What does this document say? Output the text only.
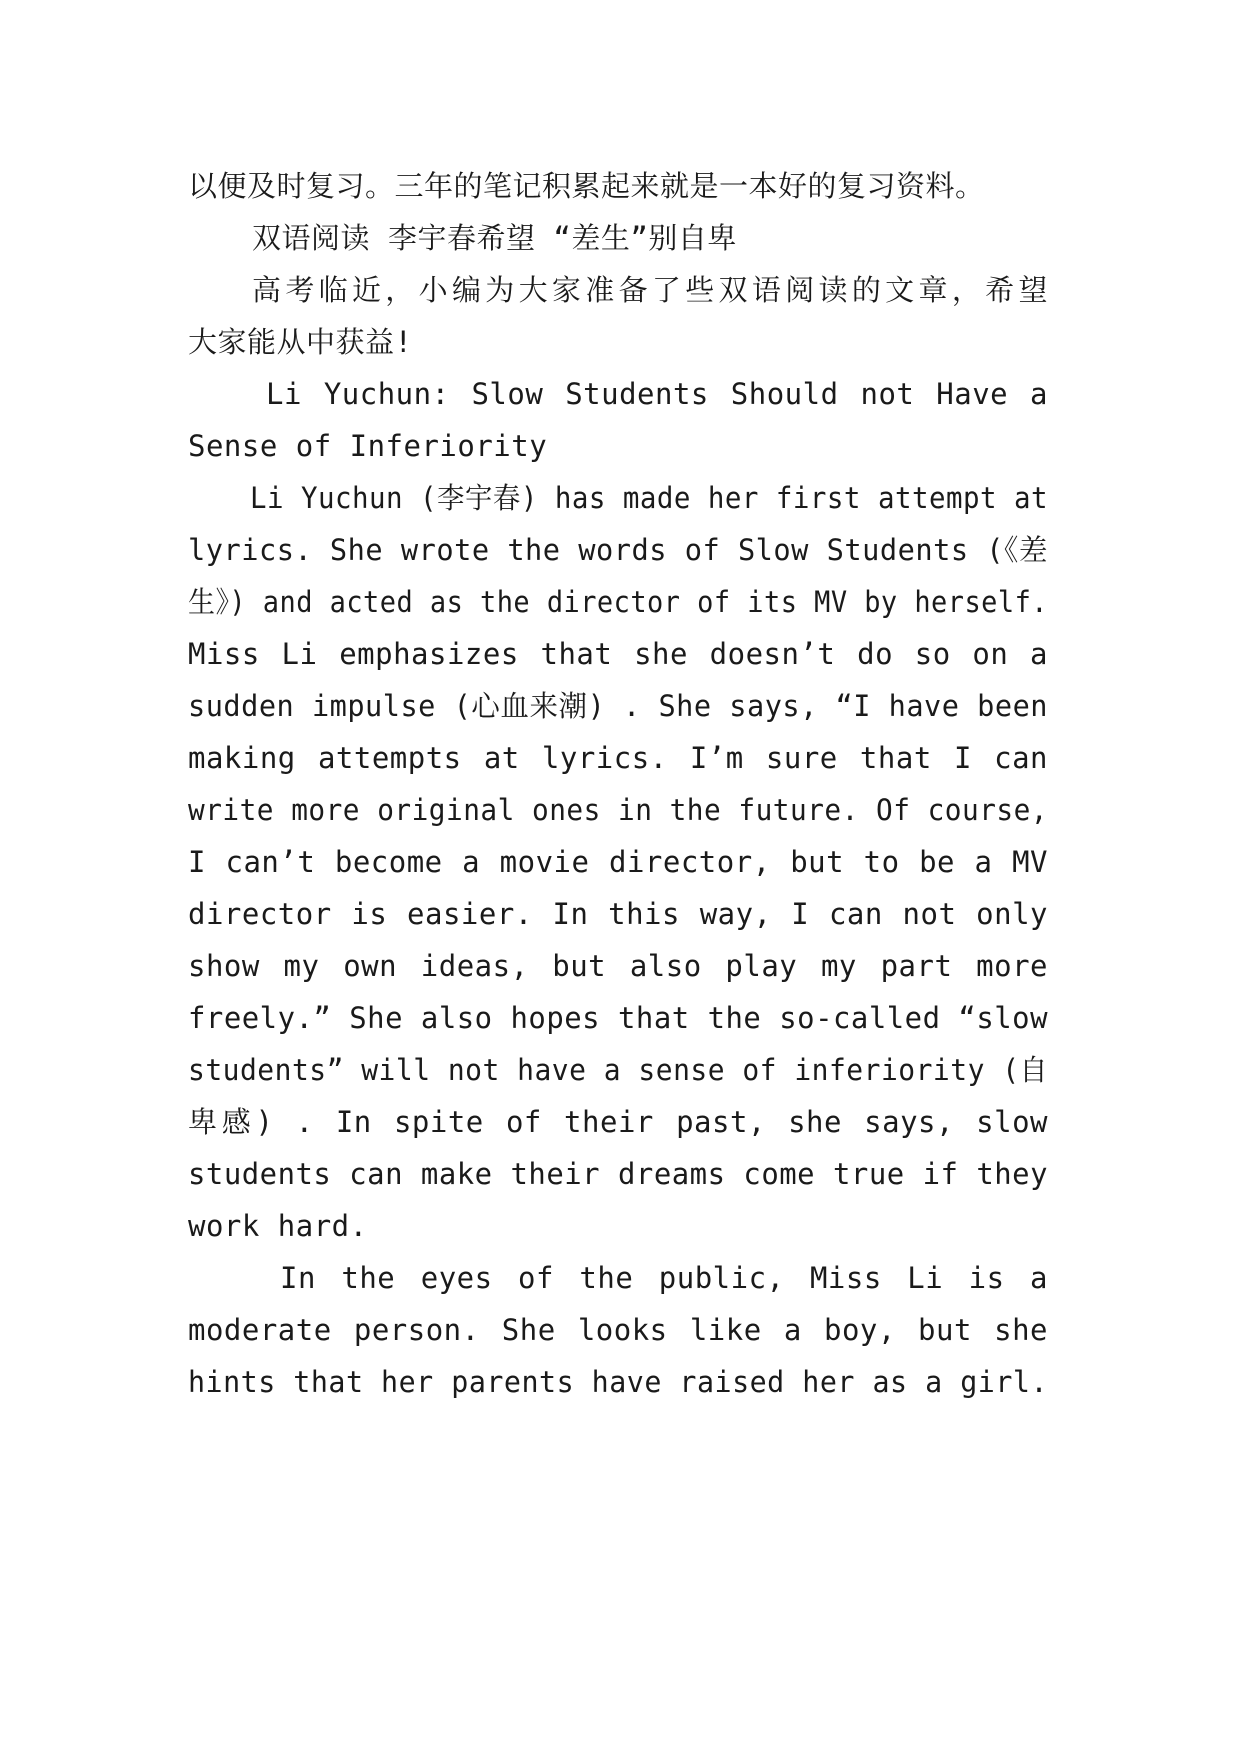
以便及时复习。三年的笔记积累起来就是一本好的复习资料。

双语阅读 李宇春希望 “差生”别自卑

高考临近，小编为大家准备了些双语阅读的文章，希望

大家能从中获益!

Li Yuchun: Slow Students Should not Have a

Sense of Inferiority

Li Yuchun (李宇春) has made her first attempt at

lyrics. She wrote the words of Slow Students (《差

生》) and acted as the director of its MV by herself.

Miss Li emphasizes that she doesn’t do so on a

sudden impulse (心血来潮) . She says, “I have been

making attempts at lyrics. I’m sure that I can

write more original ones in the future. Of course,

I can’t become a movie director, but to be a MV

director is easier. In this way, I can not only

show my own ideas, but also play my part more

freely.” She also hopes that the so-called “slow

students” will not have a sense of inferiority (自

卑感) . In spite of their past, she says, slow

students can make their dreams come true if they

work hard.

In the eyes of the public, Miss Li is a

moderate person. She looks like a boy, but she

hints that her parents have raised her as a girl.
